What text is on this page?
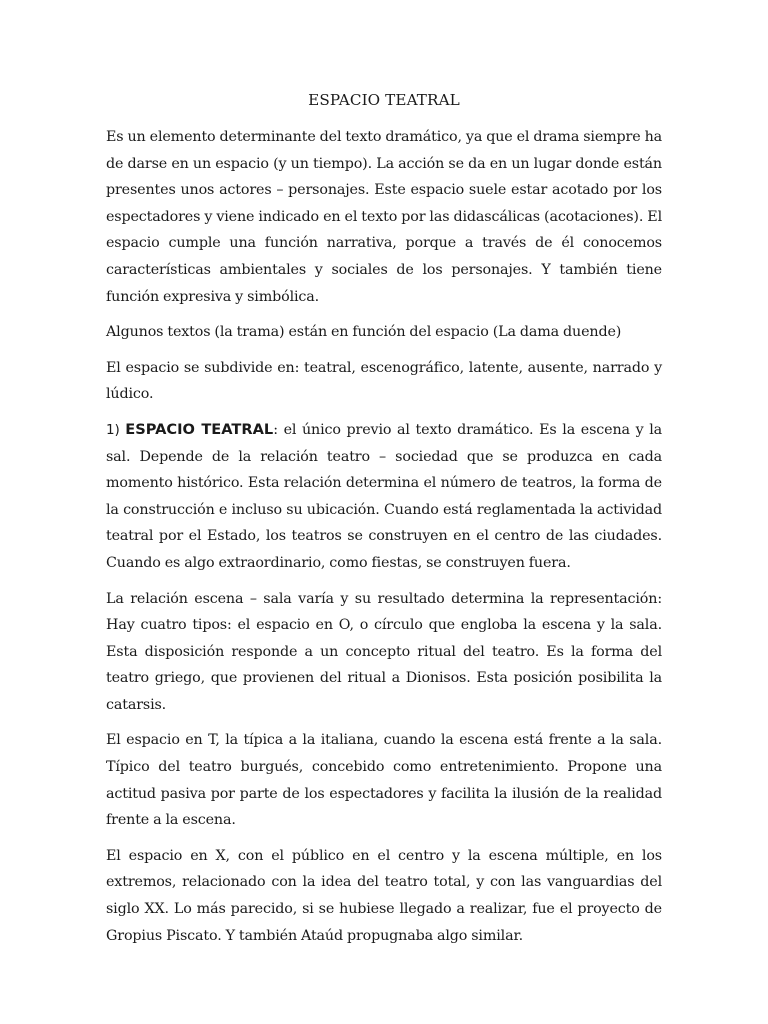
ESPACIO TEATRAL

Es un elemento determinante del texto dramático, ya que el drama siempre ha de darse en un espacio (y un tiempo). La acción se da en un lugar donde están presentes unos actores – personajes. Este espacio suele estar acotado por los espectadores y viene indicado en el texto por las didascálicas (acotaciones). El espacio cumple una función narrativa, porque a través de él conocemos características ambientales y sociales de los personajes. Y también tiene función expresiva y simbólica.

Algunos textos (la trama) están en función del espacio (La dama duende)

El espacio se subdivide en: teatral, escenográfico, latente, ausente, narrado y lúdico.

1) ESPACIO TEATRAL: el único previo al texto dramático. Es la escena y la sal. Depende de la relación teatro – sociedad que se produzca en cada momento histórico. Esta relación determina el número de teatros, la forma de la construcción e incluso su ubicación. Cuando está reglamentada la actividad teatral por el Estado, los teatros se construyen en el centro de las ciudades. Cuando es algo extraordinario, como fiestas, se construyen fuera.

La relación escena – sala varía y su resultado determina la representación: Hay cuatro tipos: el espacio en O, o círculo que engloba la escena y la sala. Esta disposición responde a un concepto ritual del teatro. Es la forma del teatro griego, que provienen del ritual a Dionisos. Esta posición posibilita la catarsis.

El espacio en T, la típica a la italiana, cuando la escena está frente a la sala. Típico del teatro burgués, concebido como entretenimiento. Propone una actitud pasiva por parte de los espectadores y facilita la ilusión de la realidad frente a la escena.

El espacio en X, con el público en el centro y la escena múltiple, en los extremos, relacionado con la idea del teatro total, y con las vanguardias del siglo XX. Lo más parecido, si se hubiese llegado a realizar, fue el proyecto de Gropius Piscato. Y también Ataúd propugnaba algo similar.
